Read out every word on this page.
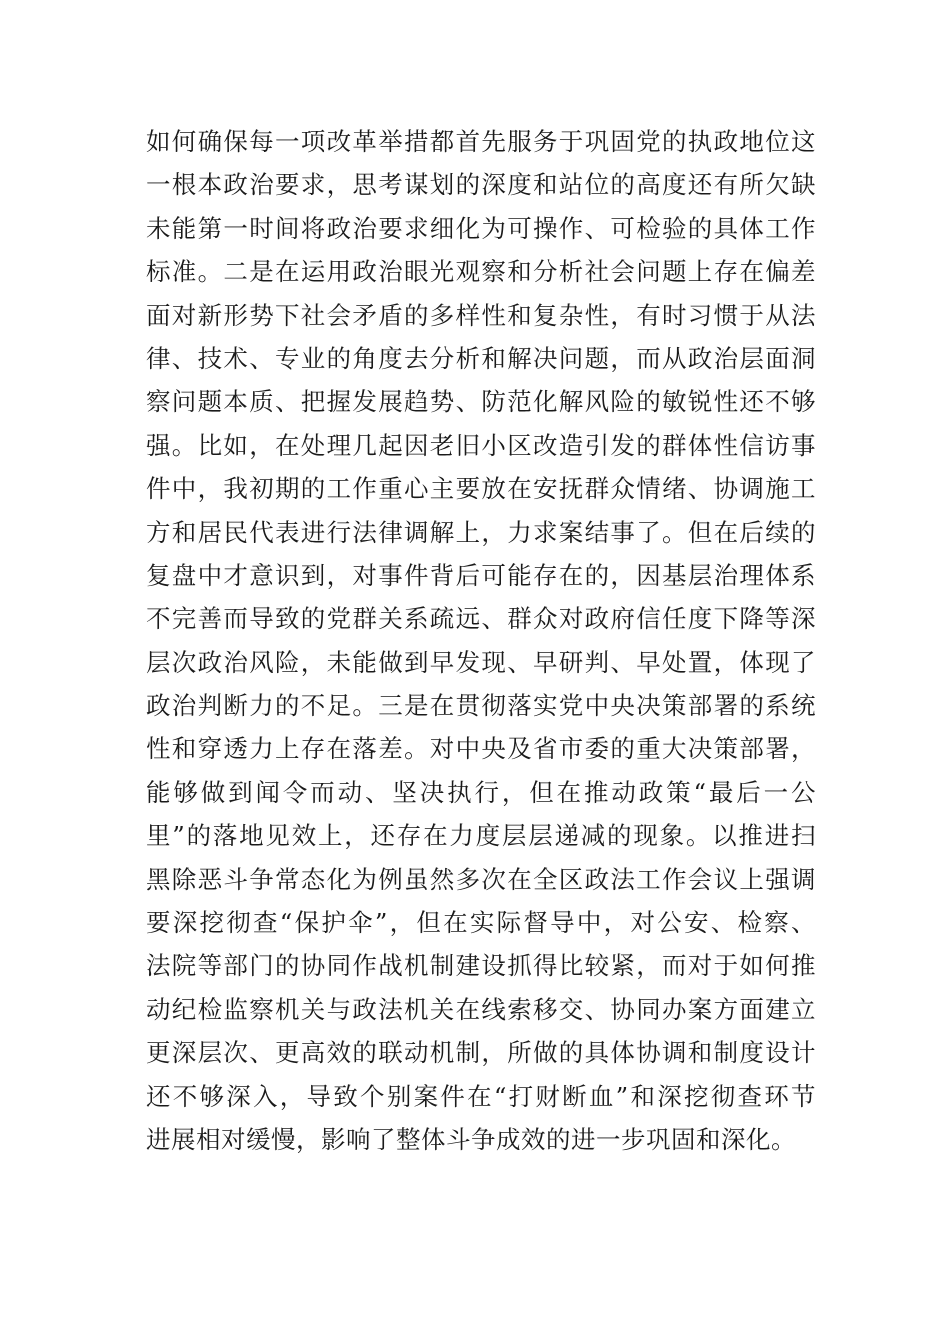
如何确保每一项改革举措都首先服务于巩固党的执政地位这
一根本政治要求，思考谋划的深度和站位的高度还有所欠缺
未能第一时间将政治要求细化为可操作、可检验的具体工作
标准。二是在运用政治眼光观察和分析社会问题上存在偏差
面对新形势下社会矛盾的多样性和复杂性，有时习惯于从法
律、技术、专业的角度去分析和解决问题，而从政治层面洞
察问题本质、把握发展趋势、防范化解风险的敏锐性还不够
强。比如，在处理几起因老旧小区改造引发的群体性信访事
件中，我初期的工作重心主要放在安抚群众情绪、协调施工
方和居民代表进行法律调解上，力求案结事了。但在后续的
复盘中才意识到，对事件背后可能存在的，因基层治理体系
不完善而导致的党群关系疏远、群众对政府信任度下降等深
层次政治风险，未能做到早发现、早研判、早处置，体现了
政治判断力的不足。三是在贯彻落实党中央决策部署的系统
性和穿透力上存在落差。对中央及省市委的重大决策部署，
能够做到闻令而动、坚决执行，但在推动政策“最后一公
里”的落地见效上，还存在力度层层递减的现象。以推进扫
黑除恶斗争常态化为例虽然多次在全区政法工作会议上强调
要深挖彻查“保护伞”，但在实际督导中，对公安、检察、
法院等部门的协同作战机制建设抓得比较紧，而对于如何推
动纪检监察机关与政法机关在线索移交、协同办案方面建立
更深层次、更高效的联动机制，所做的具体协调和制度设计
还不够深入，导致个别案件在“打财断血”和深挖彻查环节
进展相对缓慢，影响了整体斗争成效的进一步巩固和深化。
